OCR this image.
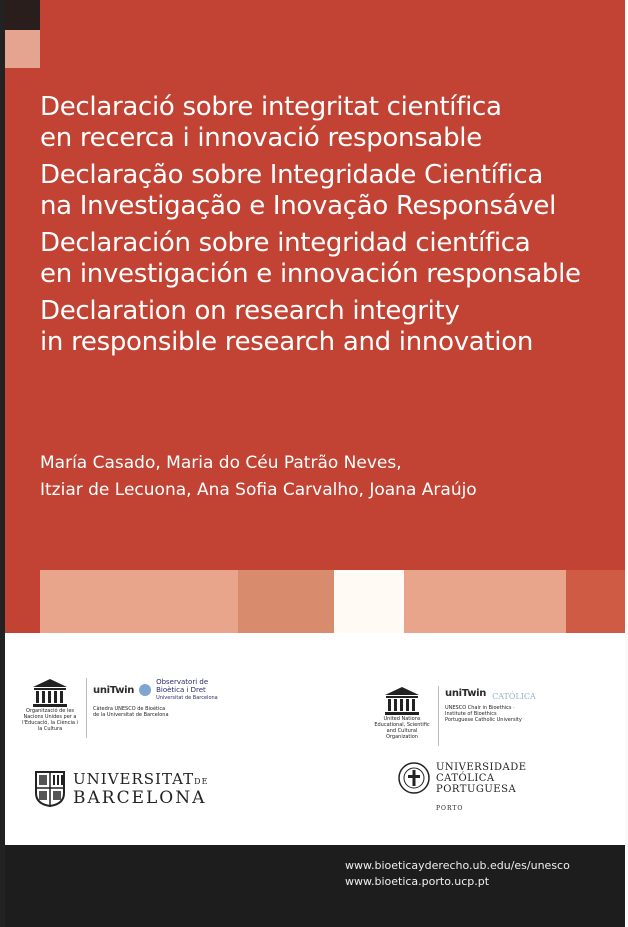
Declaració sobre integritat científica
en recerca i innovació responsable
Declaração sobre Integridade Científica
na Investigação e Inovação Responsável
Declaración sobre integridad científica
en investigación e innovación responsable
Declaration on research integrity
in responsible research and innovation
María Casado, Maria do Céu Patrão Neves,
Itziar de Lecuona, Ana Sofia Carvalho, Joana Araújo
Organització de les Nacions Unides per a l'Educació, la Ciència i la Cultura
uniTwin
Observatori de
Bioètica i Dret
Universitat de Barcelona
Càtedra UNESCO de Bioètica de la Universitat de Barcelona
United Nations Educational, Scientific and Cultural Organization
uniTwin CATÓLICA
UNESCO Chair in Bioethics · Institute of Bioethics Portuguese Catholic University
UNIVERSITATDE
BARCELONA
UNIVERSIDADE
CATÓLICA
PORTUGUESA
PORTO
www.bioeticayderecho.ub.edu/es/unesco
www.bioetica.porto.ucp.pt
